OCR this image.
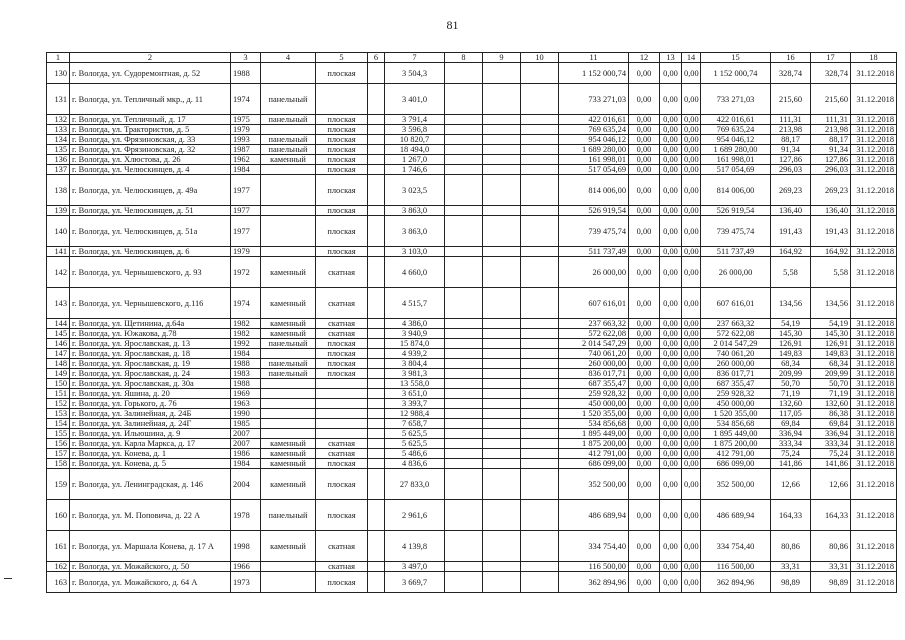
81
1	2	3	4	5	6	7	8	9	10	11	12	13	14	15	16	17	18
130	г. Вологда, ул. Судоремонтная, д. 52	1988		плоская		3 504,3				1 152 000,74	0,00	0,00	0,00	1 152 000,74	328,74	328,74	31.12.2018
131	г. Вологда, ул. Тепличный мкр., д. 11	1974	панельный			3 401,0				733 271,03	0,00	0,00	0,00	733 271,03	215,60	215,60	31.12.2018
132	г. Вологда, ул. Тепличный, д. 17	1975	панельный	плоская		3 791,4				422 016,61	0,00	0,00	0,00	422 016,61	111,31	111,31	31.12.2018
133	г. Вологда, ул. Трактористов, д. 5	1979		плоская		3 596,8				769 635,24	0,00	0,00	0,00	769 635,24	213,98	213,98	31.12.2018
134	г. Вологда, ул. Фрязиновская, д. 33	1993	панельный	плоская		10 820,7				954 046,12	0,00	0,00	0,00	954 046,12	88,17	88,17	31.12.2018
135	г. Вологда, ул. Фрязиновская, д. 32	1987	панельный	плоская		18 494,0				1 689 280,00	0,00	0,00	0,00	1 689 280,00	91,34	91,34	31.12.2018
136	г. Вологда, ул. Хлюстова, д. 26	1962	каменный	плоская		1 267,0				161 998,01	0,00	0,00	0,00	161 998,01	127,86	127,86	31.12.2018
137	г. Вологда, ул. Челюскинцев, д. 4	1984		плоская		1 746,6				517 054,69	0,00	0,00	0,00	517 054,69	296,03	296,03	31.12.2018
138	г. Вологда, ул. Челюскинцев, д. 49а	1977		плоская		3 023,5				814 006,00	0,00	0,00	0,00	814 006,00	269,23	269,23	31.12.2018
139	г. Вологда, ул. Челюскинцев, д. 51	1977		плоская		3 863,0				526 919,54	0,00	0,00	0,00	526 919,54	136,40	136,40	31.12.2018
140	г. Вологда, ул. Челюскинцев, д. 51а	1977		плоская		3 863,0				739 475,74	0,00	0,00	0,00	739 475,74	191,43	191,43	31.12.2018
141	г. Вологда, ул. Челюскинцев, д. 6	1979		плоская		3 103,0				511 737,49	0,00	0,00	0,00	511 737,49	164,92	164,92	31.12.2018
142	г. Вологда, ул. Чернышевского, д. 93	1972	каменный	скатная		4 660,0				26 000,00	0,00	0,00	0,00	26 000,00	5,58	5,58	31.12.2018
143	г. Вологда, ул. Чернышевского, д.116	1974	каменный	скатная		4 515,7				607 616,01	0,00	0,00	0,00	607 616,01	134,56	134,56	31.12.2018
144	г. Вологда, ул. Щетинина, д.64а	1982	каменный	скатная		4 386,0				237 663,32	0,00	0,00	0,00	237 663,32	54,19	54,19	31.12.2018
145	г. Вологда, ул. Южакова, д.78	1982	каменный	скатная		3 940,9				572 622,08	0,00	0,00	0,00	572 622,08	145,30	145,30	31.12.2018
146	г. Вологда, ул. Ярославская, д. 13	1992	панельный	плоская		15 874,0				2 014 547,29	0,00	0,00	0,00	2 014 547,29	126,91	126,91	31.12.2018
147	г. Вологда, ул. Ярославская, д. 18	1984		плоская		4 939,2				740 061,20	0,00	0,00	0,00	740 061,20	149,83	149,83	31.12.2018
148	г. Вологда, ул. Ярославская, д. 19	1988	панельный	плоская		3 804,4				260 000,00	0,00	0,00	0,00	260 000,00	68,34	68,34	31.12.2018
149	г. Вологда, ул. Ярославская, д. 24	1983	панельный	плоская		3 981,3				836 017,71	0,00	0,00	0,00	836 017,71	209,99	209,99	31.12.2018
150	г. Вологда, ул. Ярославская, д. 30а	1988				13 558,0				687 355,47	0,00	0,00	0,00	687 355,47	50,70	50,70	31.12.2018
151	г. Вологда, ул. Яшина, д. 20	1969				3 651,0				259 928,32	0,00	0,00	0,00	259 928,32	71,19	71,19	31.12.2018
152	г. Вологда, ул. Горького, д. 76	1963				3 393,7				450 000,00	0,00	0,00	0,00	450 000,00	132,60	132,60	31.12.2018
153	г. Вологда, ул. Залинейная, д. 24Б	1990				12 988,4				1 520 355,00	0,00	0,00	0,00	1 520 355,00	117,05	86,38	31.12.2018
154	г. Вологда, ул. Залинейная, д. 24Г	1985				7 658,7				534 856,68	0,00	0,00	0,00	534 856,68	69,84	69,84	31.12.2018
155	г. Вологда, ул. Ильюшина, д. 9	2007				5 625,5				1 895 449,00	0,00	0,00	0,00	1 895 449,00	336,94	336,94	31.12.2018
156	г. Вологда, ул. Карла Маркса, д. 17	2007	каменный	скатная		5 625,5				1 875 200,00	0,00	0,00	0,00	1 875 200,00	333,34	333,34	31.12.2018
157	г. Вологда, ул. Конева, д. 1	1986	каменный	скатная		5 486,6				412 791,00	0,00	0,00	0,00	412 791,00	75,24	75,24	31.12.2018
158	г. Вологда, ул. Конева, д. 5	1984	каменный	плоская		4 836,6				686 099,00	0,00	0,00	0,00	686 099,00	141,86	141,86	31.12.2018
159	г. Вологда, ул. Ленинградская, д. 146	2004	каменный	плоская		27 833,0				352 500,00	0,00	0,00	0,00	352 500,00	12,66	12,66	31.12.2018
160	г. Вологда, ул. М. Поповича, д. 22 А	1978	панельный	плоская		2 961,6				486 689,94	0,00	0,00	0,00	486 689,94	164,33	164,33	31.12.2018
161	г. Вологда, ул. Маршала Конева, д. 17 А	1998	каменный	скатная		4 139,8				334 754,40	0,00	0,00	0,00	334 754,40	80,86	80,86	31.12.2018
162	г. Вологда, ул. Можайского, д. 50	1966		скатная		3 497,0				116 500,00	0,00	0,00	0,00	116 500,00	33,31	33,31	31.12.2018
163	г. Вологда, ул. Можайского, д. 64 А	1973		плоская		3 669,7				362 894,96	0,00	0,00	0,00	362 894,96	98,89	98,89	31.12.2018
